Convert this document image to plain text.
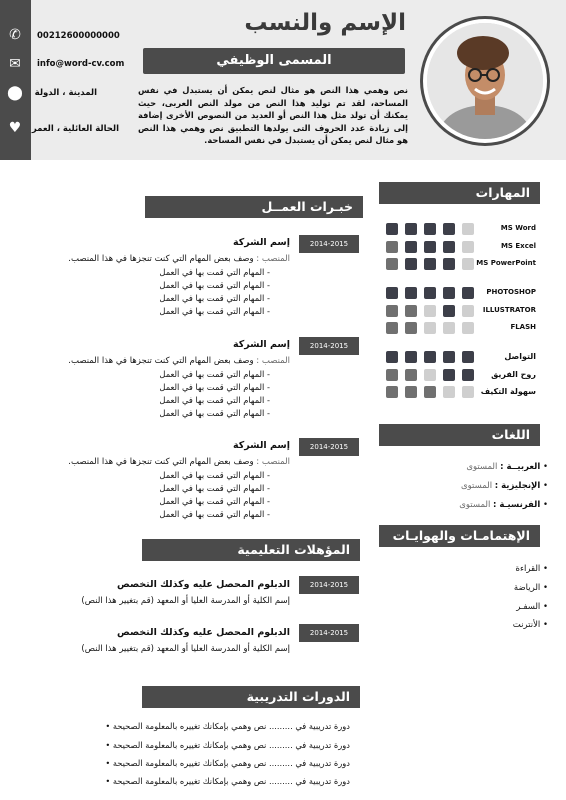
✆
✉
⬤
♥
00212600000000
info@word-cv.com
المدينة ، الدولة
الحالة العائلية ، العمر
الإسم والنسب
المسمى الوظيفي
نص وهمي هذا النص هو مثال لنص يمكن أن يستبدل في نفس المساحة، لقد تم توليد هذا النص من مولد النص العربى، حيث يمكنك أن تولد مثل هذا النص أو العديد من النصوص الأخرى إضافة إلى زيادة عدد الحروف التى يولدها التطبيق نص وهمي هذا النص هو مثال لنص يمكن أن يستبدل في نفس المساحة.
خبـرات العمــل
2014-2015
إسم الشركة
المنصب : وصف بعض المهام التي كنت تنجزها في هذا المنصب.
- المهام التي قمت بها في العمل
- المهام التي قمت بها في العمل
- المهام التي قمت بها في العمل
- المهام التي قمت بها في العمل
2014-2015
إسم الشركة
المنصب : وصف بعض المهام التي كنت تنجزها في هذا المنصب.
- المهام التي قمت بها في العمل
- المهام التي قمت بها في العمل
- المهام التي قمت بها في العمل
- المهام التي قمت بها في العمل
2014-2015
إسم الشركة
المنصب : وصف بعض المهام التي كنت تنجزها في هذا المنصب.
- المهام التي قمت بها في العمل
- المهام التي قمت بها في العمل
- المهام التي قمت بها في العمل
- المهام التي قمت بها في العمل
المؤهلات التعليمية
2014-2015
الدبلوم المحصل عليه وكذلك التخصص
إسم الكلية أو المدرسة العليا أو المعهد (قم بتغيير هذا النص)
2014-2015
الدبلوم المحصل عليه وكذلك التخصص
إسم الكلية أو المدرسة العليا أو المعهد (قم بتغيير هذا النص)
الدورات التدريبية
دورة تدريبية في ......... نص وهمي بإمكانك تغييره بالمعلومة الصحيحة •
دورة تدريبية في ......... نص وهمي بإمكانك تغييره بالمعلومة الصحيحة •
دورة تدريبية في ......... نص وهمي بإمكانك تغييره بالمعلومة الصحيحة •
دورة تدريبية في ......... نص وهمي بإمكانك تغييره بالمعلومة الصحيحة •
المهارات
MS Word
MS Excel
MS PowerPoint
PHOTOSHOP
ILLUSTRATOR
FLASH
التواصل
روح الفريق
سهولة التكيف
اللغات
• العربيــة : المستوى
• الإنجليزية : المستوى
• الفرنسيـة : المستوى
الإهتمامـات والهوايـات
• القراءة
• الرياضة
• السفـر
• الأنترنت
